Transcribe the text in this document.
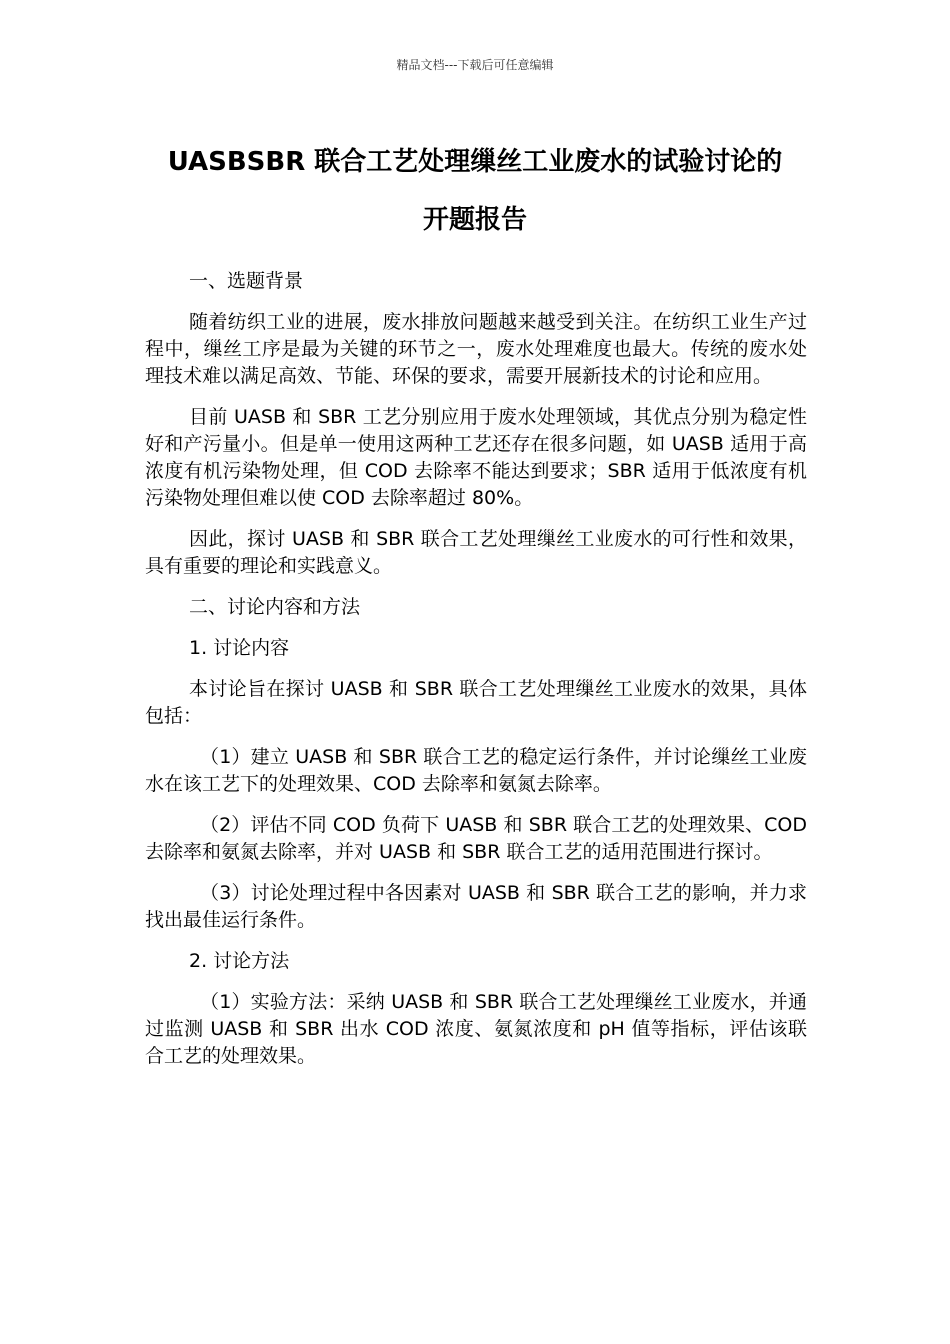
精品文档---下载后可任意编辑
UASBSBR 联合工艺处理缫丝工业废水的试验讨论的
开题报告
一、选题背景

随着纺织工业的进展，废水排放问题越来越受到关注。在纺织工业生产过程中，缫丝工序是最为关键的环节之一，废水处理难度也最大。传统的废水处理技术难以满足高效、节能、环保的要求，需要开展新技术的讨论和应用。

目前 UASB 和 SBR 工艺分别应用于废水处理领域，其优点分别为稳定性好和产污量小。但是单一使用这两种工艺还存在很多问题，如 UASB 适用于高浓度有机污染物处理，但 COD 去除率不能达到要求；SBR 适用于低浓度有机污染物处理但难以使 COD 去除率超过 80%。

因此，探讨 UASB 和 SBR 联合工艺处理缫丝工业废水的可行性和效果，具有重要的理论和实践意义。

二、讨论内容和方法
1. 讨论内容

本讨论旨在探讨 UASB 和 SBR 联合工艺处理缫丝工业废水的效果，具体包括：

（1）建立 UASB 和 SBR 联合工艺的稳定运行条件，并讨论缫丝工业废水在该工艺下的处理效果、COD 去除率和氨氮去除率。

（2）评估不同 COD 负荷下 UASB 和 SBR 联合工艺的处理效果、COD 去除率和氨氮去除率，并对 UASB 和 SBR 联合工艺的适用范围进行探讨。

（3）讨论处理过程中各因素对 UASB 和 SBR 联合工艺的影响，并力求找出最佳运行条件。

2. 讨论方法

（1）实验方法：采纳 UASB 和 SBR 联合工艺处理缫丝工业废水，并通过监测 UASB 和 SBR 出水 COD 浓度、氨氮浓度和 pH 值等指标，评估该联合工艺的处理效果。
